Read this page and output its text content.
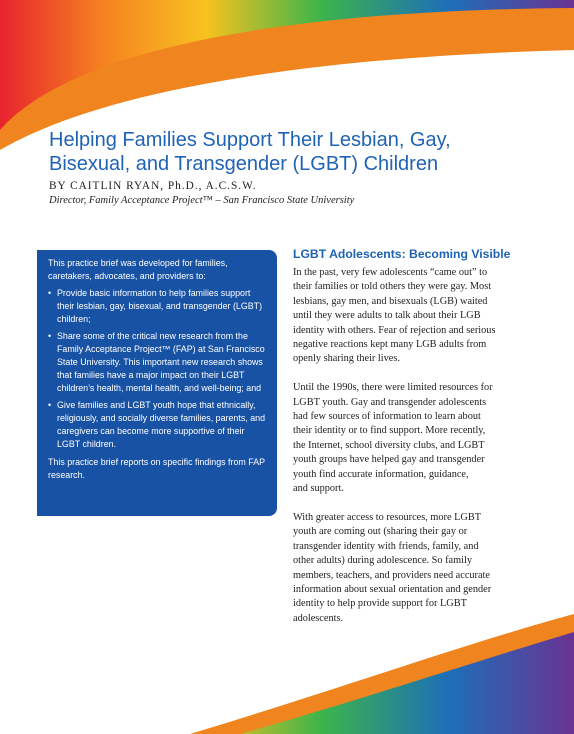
Helping Families Support Their Lesbian, Gay,
Bisexual, and Transgender (LGBT) Children
BY CAITLIN RYAN, Ph.D., A.C.S.W.
Director, Family Acceptance Project™ – San Francisco State University

This practice brief was developed for families, caretakers, advocates, and providers to:

• Provide basic information to help families support their lesbian, gay, bisexual, and transgender (LGBT) children;
• Share some of the critical new research from the Family Acceptance Project™ (FAP) at San Francisco State University. This important new research shows that families have a major impact on their LGBT children’s health, mental health, and well-being; and
• Give families and LGBT youth hope that ethnically, religiously, and socially diverse families, parents, and caregivers can become more supportive of their LGBT children.

This practice brief reports on specific findings from FAP research.

LGBT Adolescents: Becoming Visible

In the past, very few adolescents “came out” to
their families or told others they were gay. Most
lesbians, gay men, and bisexuals (LGB) waited
until they were adults to talk about their LGB
identity with others. Fear of rejection and serious
negative reactions kept many LGB adults from
openly sharing their lives.

Until the 1990s, there were limited resources for
LGBT youth. Gay and transgender adolescents
had few sources of information to learn about
their identity or to find support. More recently,
the Internet, school diversity clubs, and LGBT
youth groups have helped gay and transgender
youth find accurate information, guidance,
and support.

With greater access to resources, more LGBT
youth are coming out (sharing their gay or
transgender identity with friends, family, and
other adults) during adolescence. So family
members, teachers, and providers need accurate
information about sexual orientation and gender
identity to help provide support for LGBT
adolescents.
